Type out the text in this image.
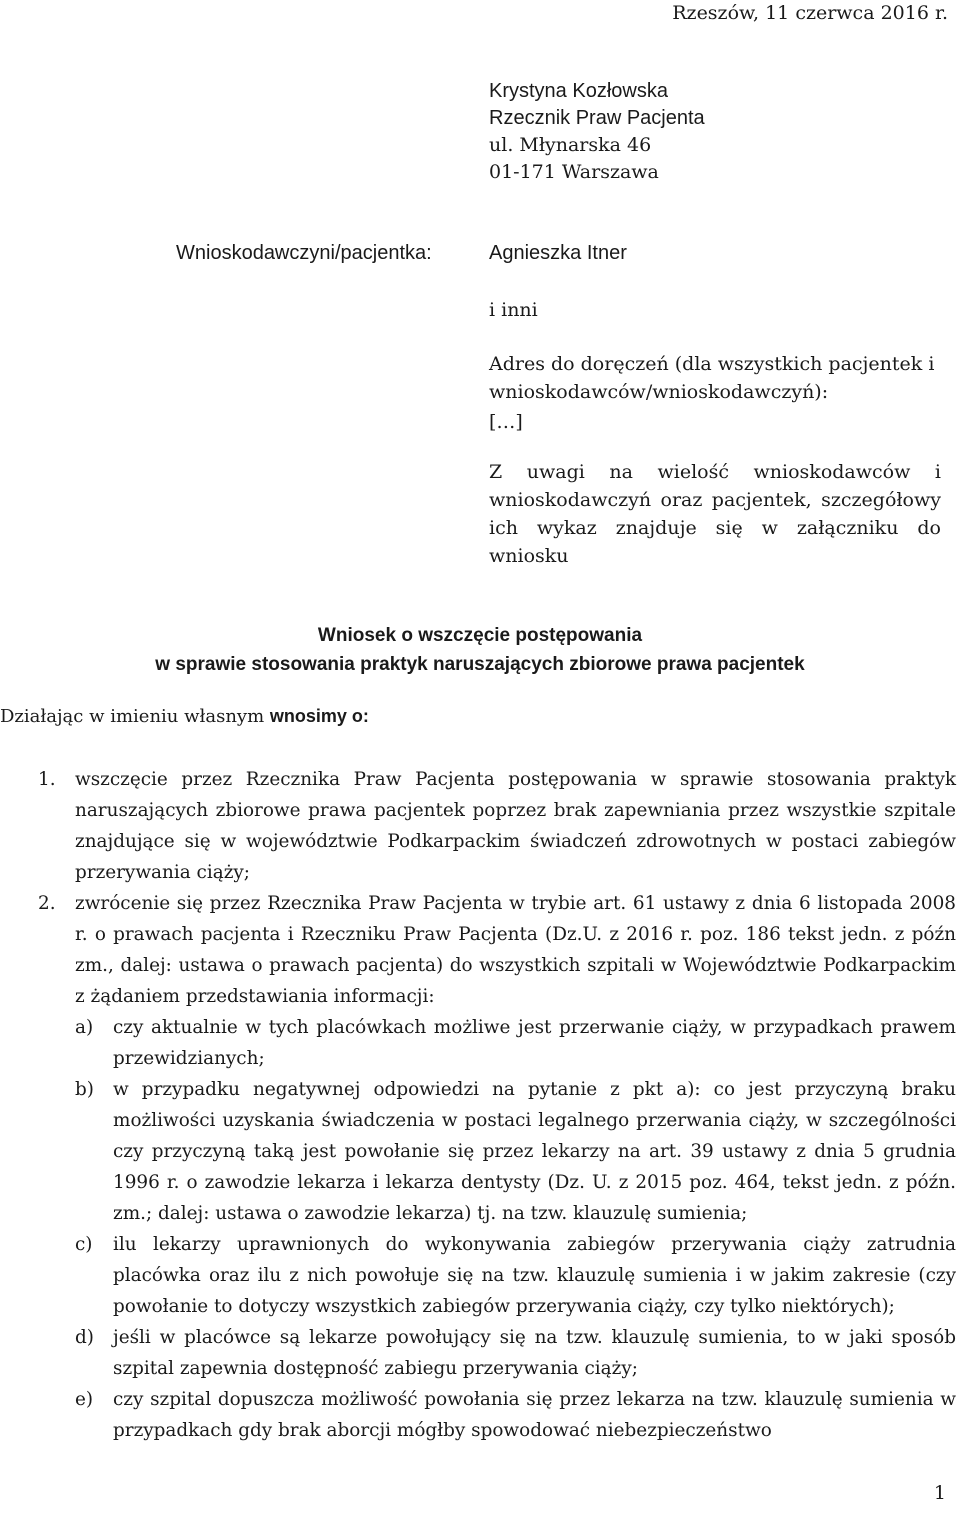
Rzeszów, 11 czerwca 2016 r.
Krystyna Kozłowska
Rzecznik Praw Pacjenta
ul. Młynarska 46
01-171 Warszawa
Wnioskodawczyni/pacjentka:	Agnieszka Itner
i inni
Adres do doręczeń (dla wszystkich pacjentek i wnioskodawców/wnioskodawczyń):
[…]
Z uwagi na wielość wnioskodawców i wnioskodawczyń oraz pacjentek, szczegółowy ich wykaz znajduje się w załączniku do wniosku
Wniosek o wszczęcie postępowania
w sprawie stosowania praktyk naruszających zbiorowe prawa pacjentek
Działając w imieniu własnym wnosimy o:
1. wszczęcie przez Rzecznika Praw Pacjenta postępowania w sprawie stosowania praktyk naruszających zbiorowe prawa pacjentek poprzez brak zapewniania przez wszystkie szpitale znajdujące się w województwie Podkarpackim świadczeń zdrowotnych w postaci zabiegów przerywania ciąży;
2. zwrócenie się przez Rzecznika Praw Pacjenta w trybie art. 61 ustawy z dnia 6 listopada 2008 r. o prawach pacjenta i Rzeczniku Praw Pacjenta (Dz.U. z 2016 r. poz. 186 tekst jedn. z późn zm., dalej: ustawa o prawach pacjenta) do wszystkich szpitali w Województwie Podkarpackim z żądaniem przedstawiania informacji:
a) czy aktualnie w tych placówkach możliwe jest przerwanie ciąży, w przypadkach prawem przewidzianych;
b) w przypadku negatywnej odpowiedzi na pytanie z pkt a): co jest przyczyną braku możliwości uzyskania świadczenia w postaci legalnego przerwania ciąży, w szczególności czy przyczyną taką jest powołanie się przez lekarzy na art. 39 ustawy z dnia 5 grudnia 1996 r. o zawodzie lekarza i lekarza dentysty (Dz. U. z 2015 poz. 464, tekst jedn. z późn. zm.; dalej: ustawa o zawodzie lekarza) tj. na tzw. klauzulę sumienia;
c) ilu lekarzy uprawnionych do wykonywania zabiegów przerywania ciąży zatrudnia placówka oraz ilu z nich powołuje się na tzw. klauzulę sumienia i w jakim zakresie (czy powołanie to dotyczy wszystkich zabiegów przerywania ciąży, czy tylko niektórych);
d) jeśli w placówce są lekarze powołujący się na tzw. klauzulę sumienia, to w jaki sposób szpital zapewnia dostępność zabiegu przerywania ciąży;
e) czy szpital dopuszcza możliwość powołania się przez lekarza na tzw. klauzulę sumienia w przypadkach gdy brak aborcji mógłby spowodować niebezpieczeństwo
1
